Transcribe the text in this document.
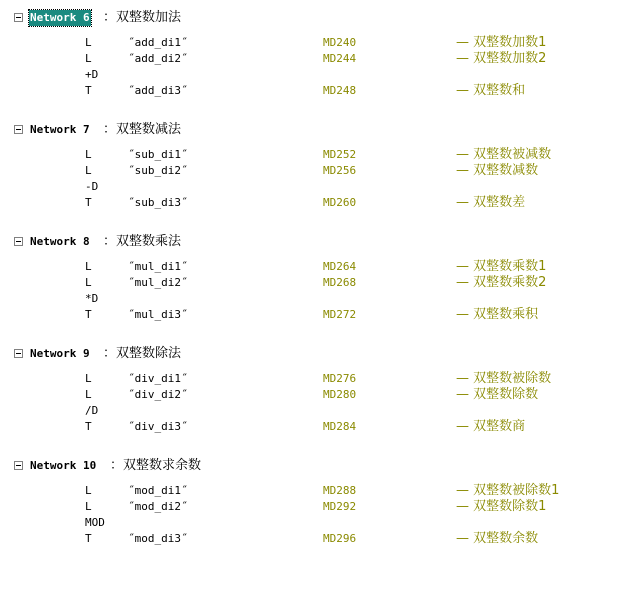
Network 6 ：双整数加法
L	˝add_di1˝	MD240	— 双整数加数1
L	˝add_di2˝	MD244	— 双整数加数2
+D
T	˝add_di3˝	MD248	— 双整数和
Network 7 ：双整数减法
L	˝sub_di1˝	MD252	— 双整数被减数
L	˝sub_di2˝	MD256	— 双整数减数
-D
T	˝sub_di3˝	MD260	— 双整数差
Network 8 ：双整数乘法
L	˝mul_di1˝	MD264	— 双整数乘数1
L	˝mul_di2˝	MD268	— 双整数乘数2
*D
T	˝mul_di3˝	MD272	— 双整数乘积
Network 9 ：双整数除法
L	˝div_di1˝	MD276	— 双整数被除数
L	˝div_di2˝	MD280	— 双整数除数
/D
T	˝div_di3˝	MD284	— 双整数商
Network 10 ：双整数求余数
L	˝mod_di1˝	MD288	— 双整数被除数1
L	˝mod_di2˝	MD292	— 双整数除数1
MOD
T	˝mod_di3˝	MD296	— 双整数余数
